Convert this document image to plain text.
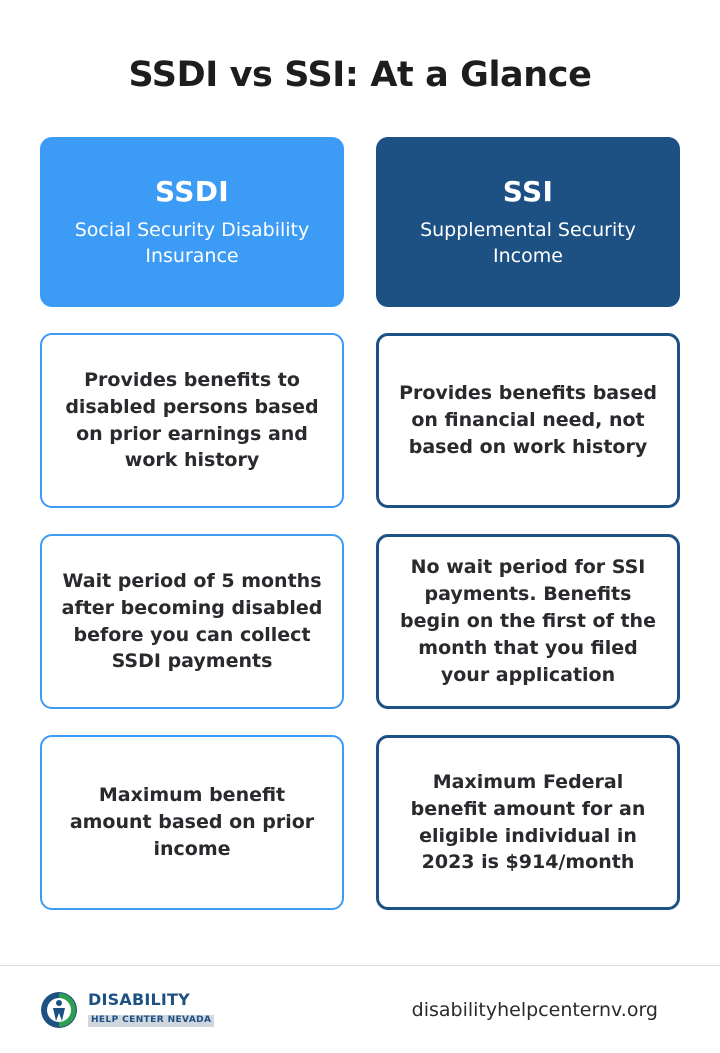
SSDI vs SSI: At a Glance
SSDI
Social Security Disability Insurance
SSI
Supplemental Security Income
Provides benefits to disabled persons based on prior earnings and work history
Provides benefits based on financial need, not based on work history
Wait period of 5 months after becoming disabled before you can collect SSDI payments
No wait period for SSI payments. Benefits begin on the first of the month that you filed your application
Maximum benefit amount based on prior income
Maximum Federal benefit amount for an eligible individual in 2023 is $914/month
DISABILITY
HELP CENTER NEVADA	disabilityhelpcenternv.org
